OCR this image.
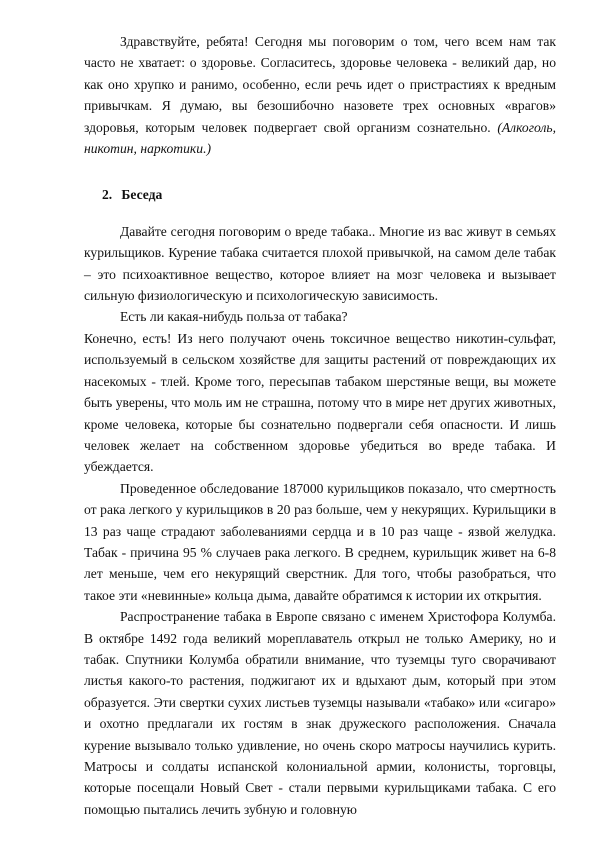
Здравствуйте, ребята! Сегодня мы поговорим о том, чего всем нам так часто не хватает: о здоровье. Согласитесь, здоровье человека - великий дар, но как оно хрупко и ранимо, особенно, если речь идет о пристрастиях к вредным привычкам. Я думаю, вы безошибочно назовете трех основных «врагов» здоровья, которым человек подвергает свой организм сознательно. (Алкоголь, никотин, наркотики.)

2. Беседа

Давайте сегодня поговорим о вреде табака.. Многие из вас живут в семьях курильщиков. Курение табака считается плохой привычкой, на самом деле табак – это психоактивное вещество, которое влияет на мозг человека и вызывает сильную физиологическую и психологическую зависимость.

Есть ли какая-нибудь польза от табака?

Конечно, есть! Из него получают очень токсичное вещество никотин-сульфат, используемый в сельском хозяйстве для защиты растений от повреждающих их насекомых - тлей. Кроме того, пересыпав табаком шерстяные вещи, вы можете быть уверены, что моль им не страшна, потому что в мире нет других животных, кроме человека, которые бы сознательно подвергали себя опасности. И лишь человек желает на собственном здоровье убедиться во вреде табака. И убеждается.

Проведенное обследование 187000 курильщиков показало, что смертность от рака легкого у курильщиков в 20 раз больше, чем у некурящих. Курильщики в 13 раз чаще страдают заболеваниями сердца и в 10 раз чаще - язвой желудка. Табак - причина 95 % случаев рака легкого. В среднем, курильщик живет на 6-8 лет меньше, чем его некурящий сверстник. Для того, чтобы разобраться, что такое эти «невинные» кольца дыма, давайте обратимся к истории их открытия.

Распространение табака в Европе связано с именем Христофора Колумба. В октябре 1492 года великий мореплаватель открыл не только Америку, но и табак. Спутники Колумба обратили внимание, что туземцы туго сворачивают листья какого-то растения, поджигают их и вдыхают дым, который при этом образуется. Эти свертки сухих листьев туземцы называли «табако» или «сигаро» и охотно предлагали их гостям в знак дружеского расположения. Сначала курение вызывало только удивление, но очень скоро матросы научились курить. Матросы и солдаты испанской колониальной армии, колонисты, торговцы, которые посещали Новый Свет - стали первыми курильщиками табака. С его помощью пытались лечить зубную и головную
